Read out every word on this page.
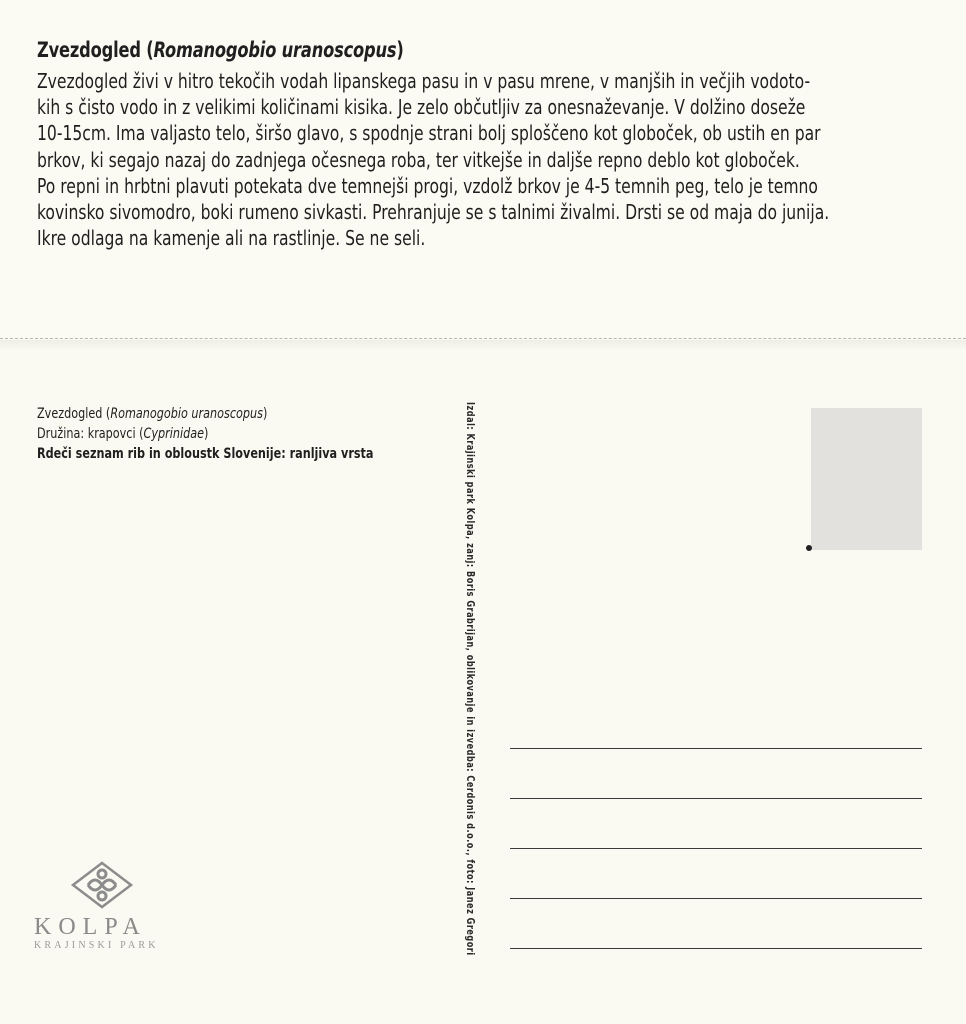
Zvezdogled (Romanogobio uranoscopus)

Zvezdogled živi v hitro tekočih vodah lipanskega pasu in v pasu mrene, v manjših in večjih vodoto-

kih s čisto vodo in z velikimi količinami kisika. Je zelo občutljiv za onesnaževanje. V dolžino doseže

10-15cm. Ima valjasto telo, širšo glavo, s spodnje strani bolj sploščeno kot globoček, ob ustih en par

brkov, ki segajo nazaj do zadnjega očesnega roba, ter vitkejše in daljše repno deblo kot globoček.

Po repni in hrbtni plavuti potekata dve temnejši progi, vzdolž brkov je 4-5 temnih peg, telo je temno

kovinsko sivomodro, boki rumeno sivkasti. Prehranjuje se s talnimi živalmi. Drsti se od maja do junija.

Ikre odlaga na kamenje ali na rastlinje. Se ne seli.

Zvezdogled (Romanogobio uranoscopus)
Družina: krapovci (Cyprinidae)
Rdeči seznam rib in obloustk Slovenije: ranljiva vrsta	Izdal: Krajinski park Kolpa, zanj: Boris Grabrijan, oblikovanje in izvedba: Cerdonis d.o.o., foto: Janez Gregori
KOLPA
KRAJINSKI PARK
